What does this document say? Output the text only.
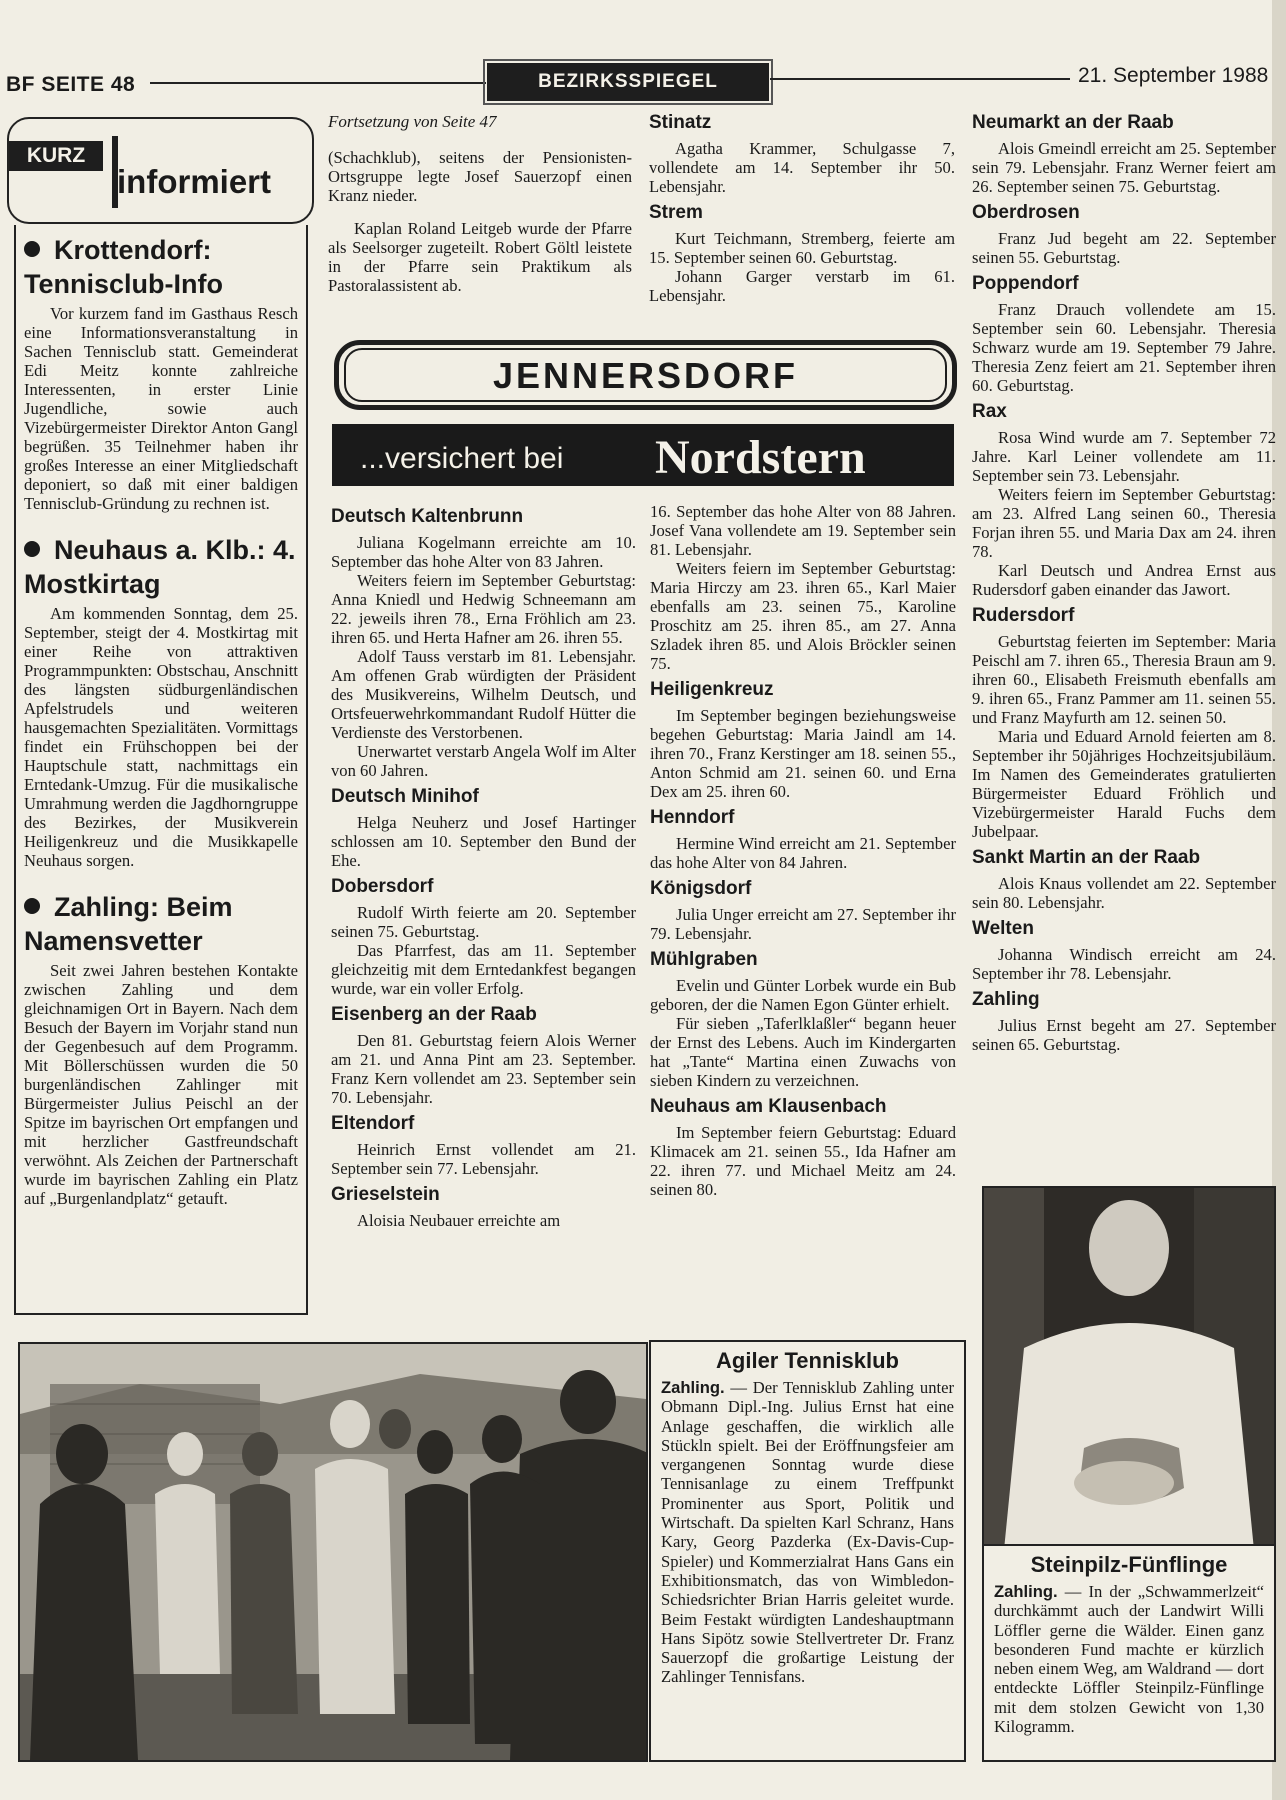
BF SEITE 48	BEZIRKSSPIEGEL	21. September 1988
KURZ
informiert
Krottendorf: Tennisclub-Info

Vor kurzem fand im Gasthaus Resch eine Informationsveranstaltung in Sachen Tennisclub statt. Gemeinderat Edi Meitz konnte zahlreiche Interessenten, in erster Linie Jugendliche, sowie auch Vizebürgermeister Direktor Anton Gangl begrüßen. 35 Teilnehmer haben ihr großes Interesse an einer Mitgliedschaft deponiert, so daß mit einer baldigen Tennisclub-Gründung zu rechnen ist.

Neuhaus a. Klb.: 4. Mostkirtag

Am kommenden Sonntag, dem 25. September, steigt der 4. Mostkirtag mit einer Reihe von attraktiven Programmpunkten: Obstschau, Anschnitt des längsten südburgenländischen Apfelstrudels und weiteren hausgemachten Spezialitäten. Vormittags findet ein Frühschoppen bei der Hauptschule statt, nachmittags ein Erntedank-Umzug. Für die musikalische Umrahmung werden die Jagdhorngruppe des Bezirkes, der Musikverein Heiligenkreuz und die Musikkapelle Neuhaus sorgen.

Zahling: Beim Namensvetter

Seit zwei Jahren bestehen Kontakte zwischen Zahling und dem gleichnamigen Ort in Bayern. Nach dem Besuch der Bayern im Vorjahr stand nun der Gegenbesuch auf dem Programm. Mit Böllerschüssen wurden die 50 burgenländischen Zahlinger mit Bürgermeister Julius Peischl an der Spitze im bayrischen Ort empfangen und mit herzlicher Gastfreundschaft verwöhnt. Als Zeichen der Partnerschaft wurde im bayrischen Zahling ein Platz auf „Burgenlandplatz“ getauft.

Fortsetzung von Seite 47

(Schachklub), seitens der Pensionisten-Ortsgruppe legte Josef Sauerzopf einen Kranz nieder.

Kaplan Roland Leitgeb wurde der Pfarre als Seelsorger zugeteilt. Robert Göltl leistete in der Pfarre sein Praktikum als Pastoralassistent ab.

Stinatz

Agatha Krammer, Schulgasse 7, vollendete am 14. September ihr 50. Lebensjahr.

Strem

Kurt Teichmann, Stremberg, feierte am 15. September seinen 60. Geburtstag.

Johann Garger verstarb im 61. Lebensjahr.

JENNERSDORF
...versichert bei Nordstern
Deutsch Kaltenbrunn

Juliana Kogelmann erreichte am 10. September das hohe Alter von 83 Jahren.

Weiters feiern im September Geburtstag: Anna Kniedl und Hedwig Schneemann am 22. jeweils ihren 78., Erna Fröhlich am 23. ihren 65. und Herta Hafner am 26. ihren 55.

Adolf Tauss verstarb im 81. Lebensjahr. Am offenen Grab würdigten der Präsident des Musikvereins, Wilhelm Deutsch, und Ortsfeuerwehrkommandant Rudolf Hütter die Verdienste des Verstorbenen.

Unerwartet verstarb Angela Wolf im Alter von 60 Jahren.

Deutsch Minihof

Helga Neuherz und Josef Hartinger schlossen am 10. September den Bund der Ehe.

Dobersdorf

Rudolf Wirth feierte am 20. September seinen 75. Geburtstag.

Das Pfarrfest, das am 11. September gleichzeitig mit dem Erntedankfest begangen wurde, war ein voller Erfolg.

Eisenberg an der Raab

Den 81. Geburtstag feiern Alois Werner am 21. und Anna Pint am 23. September. Franz Kern vollendet am 23. September sein 70. Lebensjahr.

Eltendorf

Heinrich Ernst vollendet am 21. September sein 77. Lebensjahr.

Grieselstein

Aloisia Neubauer erreichte am

16. September das hohe Alter von 88 Jahren. Josef Vana vollendete am 19. September sein 81. Lebensjahr.

Weiters feiern im September Geburtstag: Maria Hirczy am 23. ihren 65., Karl Maier ebenfalls am 23. seinen 75., Karoline Proschitz am 25. ihren 85., am 27. Anna Szladek ihren 85. und Alois Bröckler seinen 75.

Heiligenkreuz

Im September begingen beziehungsweise begehen Geburtstag: Maria Jaindl am 14. ihren 70., Franz Kerstinger am 18. seinen 55., Anton Schmid am 21. seinen 60. und Erna Dex am 25. ihren 60.

Henndorf

Hermine Wind erreicht am 21. September das hohe Alter von 84 Jahren.

Königsdorf

Julia Unger erreicht am 27. September ihr 79. Lebensjahr.

Mühlgraben

Evelin und Günter Lorbek wurde ein Bub geboren, der die Namen Egon Günter erhielt.

Für sieben „Taferlklaßler“ begann heuer der Ernst des Lebens. Auch im Kindergarten hat „Tante“ Martina einen Zuwachs von sieben Kindern zu verzeichnen.

Neuhaus am Klausenbach

Im September feiern Geburtstag: Eduard Klimacek am 21. seinen 55., Ida Hafner am 22. ihren 77. und Michael Meitz am 24. seinen 80.

Neumarkt an der Raab

Alois Gmeindl erreicht am 25. September sein 79. Lebensjahr. Franz Werner feiert am 26. September seinen 75. Geburtstag.

Oberdrosen

Franz Jud begeht am 22. September seinen 55. Geburtstag.

Poppendorf

Franz Drauch vollendete am 15. September sein 60. Lebensjahr. Theresia Schwarz wurde am 19. September 79 Jahre. Theresia Zenz feiert am 21. September ihren 60. Geburtstag.

Rax

Rosa Wind wurde am 7. September 72 Jahre. Karl Leiner vollendete am 11. September sein 73. Lebensjahr.

Weiters feiern im September Geburtstag: am 23. Alfred Lang seinen 60., Theresia Forjan ihren 55. und Maria Dax am 24. ihren 78.

Karl Deutsch und Andrea Ernst aus Rudersdorf gaben einander das Jawort.

Rudersdorf

Geburtstag feierten im September: Maria Peischl am 7. ihren 65., Theresia Braun am 9. ihren 60., Elisabeth Freismuth ebenfalls am 9. ihren 65., Franz Pammer am 11. seinen 55. und Franz Mayfurth am 12. seinen 50.

Maria und Eduard Arnold feierten am 8. September ihr 50jähriges Hochzeitsjubiläum. Im Namen des Gemeinderates gratulierten Bürgermeister Eduard Fröhlich und Vizebürgermeister Harald Fuchs dem Jubelpaar.

Sankt Martin an der Raab

Alois Knaus vollendet am 22. September sein 80. Lebensjahr.

Welten

Johanna Windisch erreicht am 24. September ihr 78. Lebensjahr.

Zahling

Julius Ernst begeht am 27. September seinen 65. Geburtstag.

Agiler Tennisklub
Zahling. — Der Tennisklub Zahling unter Obmann Dipl.-Ing. Julius Ernst hat eine Anlage geschaffen, die wirklich alle Stückln spielt. Bei der Eröffnungsfeier am vergangenen Sonntag wurde diese Tennisanlage zu einem Treffpunkt Prominenter aus Sport, Politik und Wirtschaft. Da spielten Karl Schranz, Hans Kary, Georg Pazderka (Ex-Davis-Cup-Spieler) und Kommerzialrat Hans Gans ein Exhibitionsmatch, das von Wimbledon-Schiedsrichter Brian Harris geleitet wurde. Beim Festakt würdigten Landeshauptmann Hans Sipötz sowie Stellvertreter Dr. Franz Sauerzopf die großartige Leistung der Zahlinger Tennisfans.
Steinpilz-Fünflinge
Zahling. — In der „Schwammerlzeit“ durchkämmt auch der Landwirt Willi Löffler gerne die Wälder. Einen ganz besonderen Fund machte er kürzlich neben einem Weg, am Waldrand — dort entdeckte Löffler Steinpilz-Fünflinge mit dem stolzen Gewicht von 1,30 Kilogramm.
